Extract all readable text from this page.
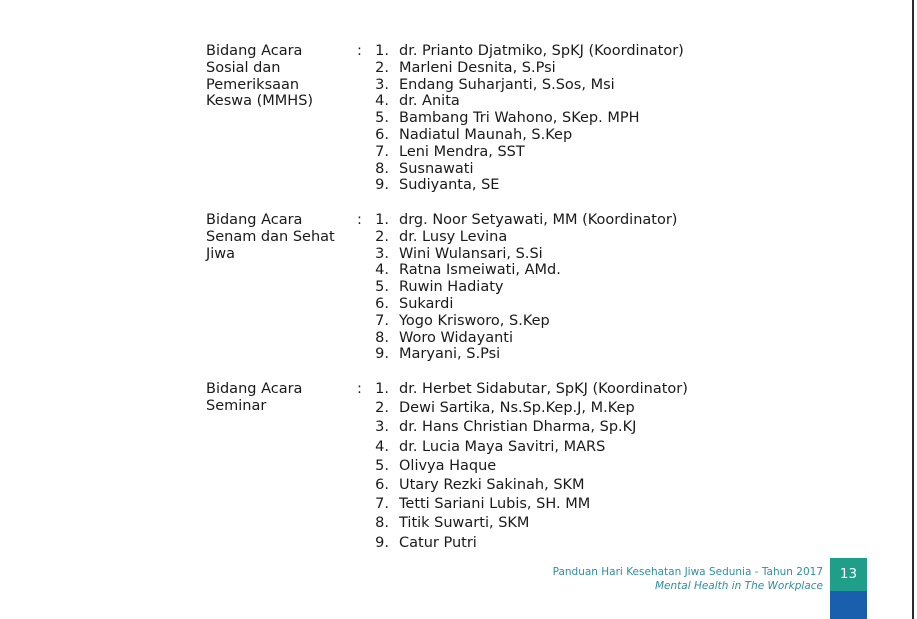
Bidang Acara
Sosial dan
Pemeriksaan
Keswa (MMHS)
: 1. dr. Prianto Djatmiko, SpKJ (Koordinator)
2. Marleni Desnita, S.Psi
3. Endang Suharjanti, S.Sos, Msi
4. dr. Anita
5. Bambang Tri Wahono, SKep. MPH
6. Nadiatul Maunah, S.Kep
7. Leni Mendra, SST
8. Susnawati
9. Sudiyanta, SE
Bidang Acara
Senam dan Sehat
Jiwa
: 1. drg. Noor Setyawati, MM (Koordinator)
2. dr. Lusy Levina
3. Wini Wulansari, S.Si
4. Ratna Ismeiwati, AMd.
5. Ruwin Hadiaty
6. Sukardi
7. Yogo Krisworo, S.Kep
8. Woro Widayanti
9. Maryani, S.Psi
Bidang Acara
Seminar
: 1. dr. Herbet Sidabutar, SpKJ (Koordinator)
2. Dewi Sartika, Ns.Sp.Kep.J, M.Kep
3. dr. Hans Christian Dharma, Sp.KJ
4. dr. Lucia Maya Savitri, MARS
5. Olivya Haque
6. Utary Rezki Sakinah, SKM
7. Tetti Sariani Lubis, SH. MM
8. Titik Suwarti, SKM
9. Catur Putri
Panduan Hari Kesehatan Jiwa Sedunia - Tahun 2017
Mental Health in The Workplace
13
